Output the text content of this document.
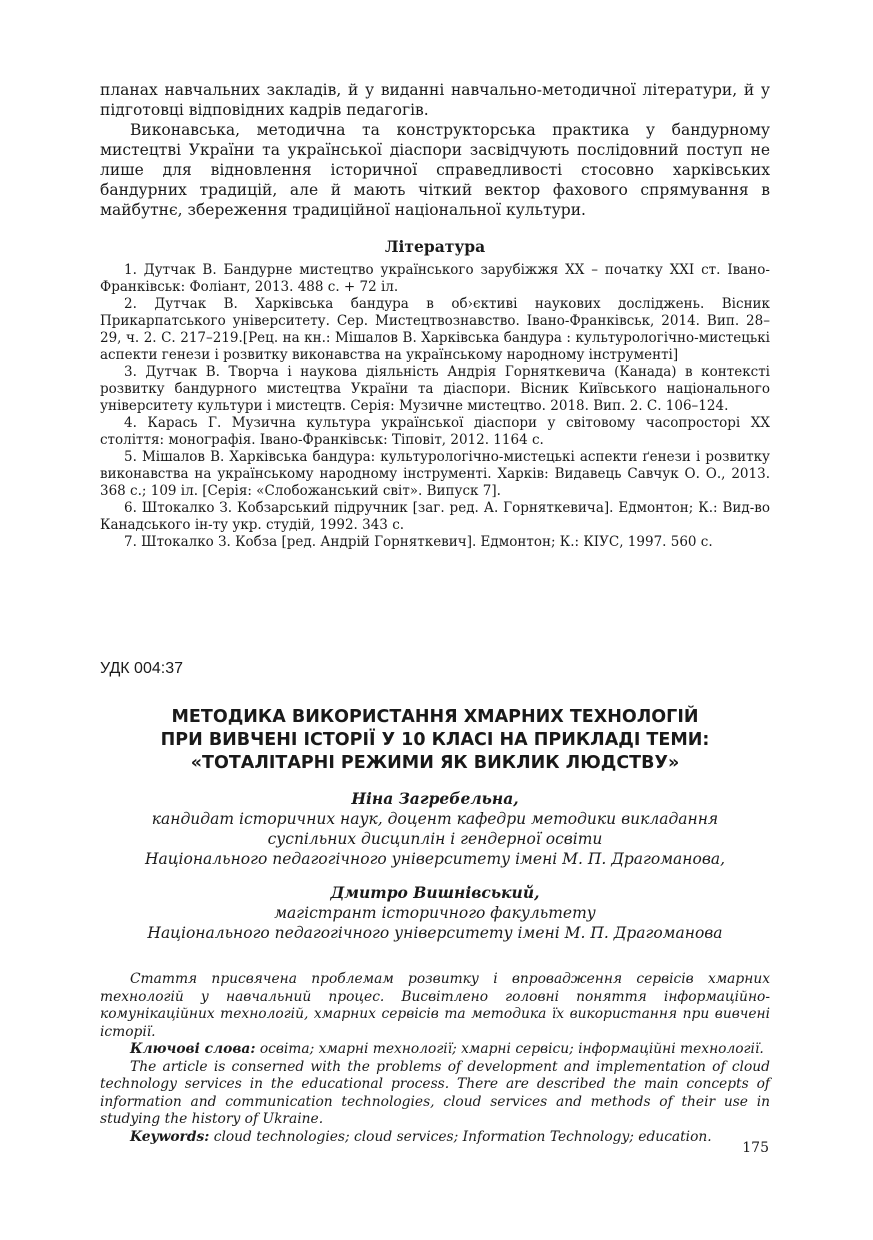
планах навчальних закладів, й у виданні навчально-методичної літератури, й у підготовці відповідних кадрів педагогів.

Виконавська, методична та конструкторська практика у бандурному мистецтві України та української діаспори засвідчують послідовний поступ не лише для відновлення історичної справедливості стосовно харківських бандурних традицій, але й мають чіткий вектор фахового спрямування в майбутнє, збереження традиційної національної культури.

Література

1. Дутчак В. Бандурне мистецтво українського зарубіжжя ХХ – початку ХХІ ст. Івано-Франківськ: Фоліант, 2013. 488 с. + 72 іл.
2. Дутчак В. Харківська бандура в об›єктиві наукових досліджень. Вісник Прикарпатського університету. Сер. Мистецтвознавство. Івано-Франківськ, 2014. Вип. 28–29, ч. 2. С. 217–219.[Рец. на кн.: Мішалов В. Харківська бандура : культурологічно-мистецькі аспекти генези і розвитку виконавства на українському народному інструменті]
3. Дутчак В. Творча і наукова діяльність Андрія Горняткевича (Канада) в контексті розвитку бандурного мистецтва України та діаспори. Вісник Київського національного університету культури і мистецтв. Серія: Музичне мистецтво. 2018. Вип. 2. С. 106–124.
4. Карась Г. Музична культура української діаспори у світовому часопросторі ХХ століття: монографія. Івано-Франківськ: Тіповіт, 2012. 1164 с.
5. Мішалов В. Харківська бандура: культурологічно-мистецькі аспекти ґенези і розвитку виконавства на українському народному інструменті. Харків: Видавець Савчук О. О., 2013. 368 с.; 109 іл. [Серія: «Слобожанський світ». Випуск 7].
6. Штокалко З. Кобзарський підручник [заг. ред. А. Горняткевича]. Едмонтон; К.: Вид-во Канадського ін-ту укр. студій, 1992. 343 с.
7. Штокалко З. Кобза [ред. Андрій Горняткевич]. Едмонтон; К.: КІУС, 1997. 560 с.
УДК 004:37

МЕТОДИКА ВИКОРИСТАННЯ ХМАРНИХ ТЕХНОЛОГІЙ

ПРИ ВИВЧЕНІ ІСТОРІЇ У 10 КЛАСІ НА ПРИКЛАДІ ТЕМИ:

«ТОТАЛІТАРНІ РЕЖИМИ ЯК ВИКЛИК ЛЮДСТВУ»

Ніна Загребельна,

кандидат історичних наук, доцент кафедри методики викладання

суспільних дисциплін і гендерної освіти

Національного педагогічного університету імені М. П. Драгоманова,

Дмитро Вишнівський,

магістрант історичного факультету

Національного педагогічного університету імені М. П. Драгоманова

Стаття присвячена проблемам розвитку і впровадження сервісів хмарних технологій у навчальний процес. Висвітлено головні поняття інформаційно-комунікаційних технологій, хмарних сервісів та методика їх використання при вивчені історії.

Ключові слова: освіта; хмарні технології; хмарні сервіси; інформаційні технології.

The article is conserned with the problems of development and implementation of cloud technology services in the educational process. There are described the main concepts of information and communication technologies, cloud services and methods of their use in studying the history of Ukraine.

Keywords: cloud technologies; cloud services; Information Technology; education.

175
